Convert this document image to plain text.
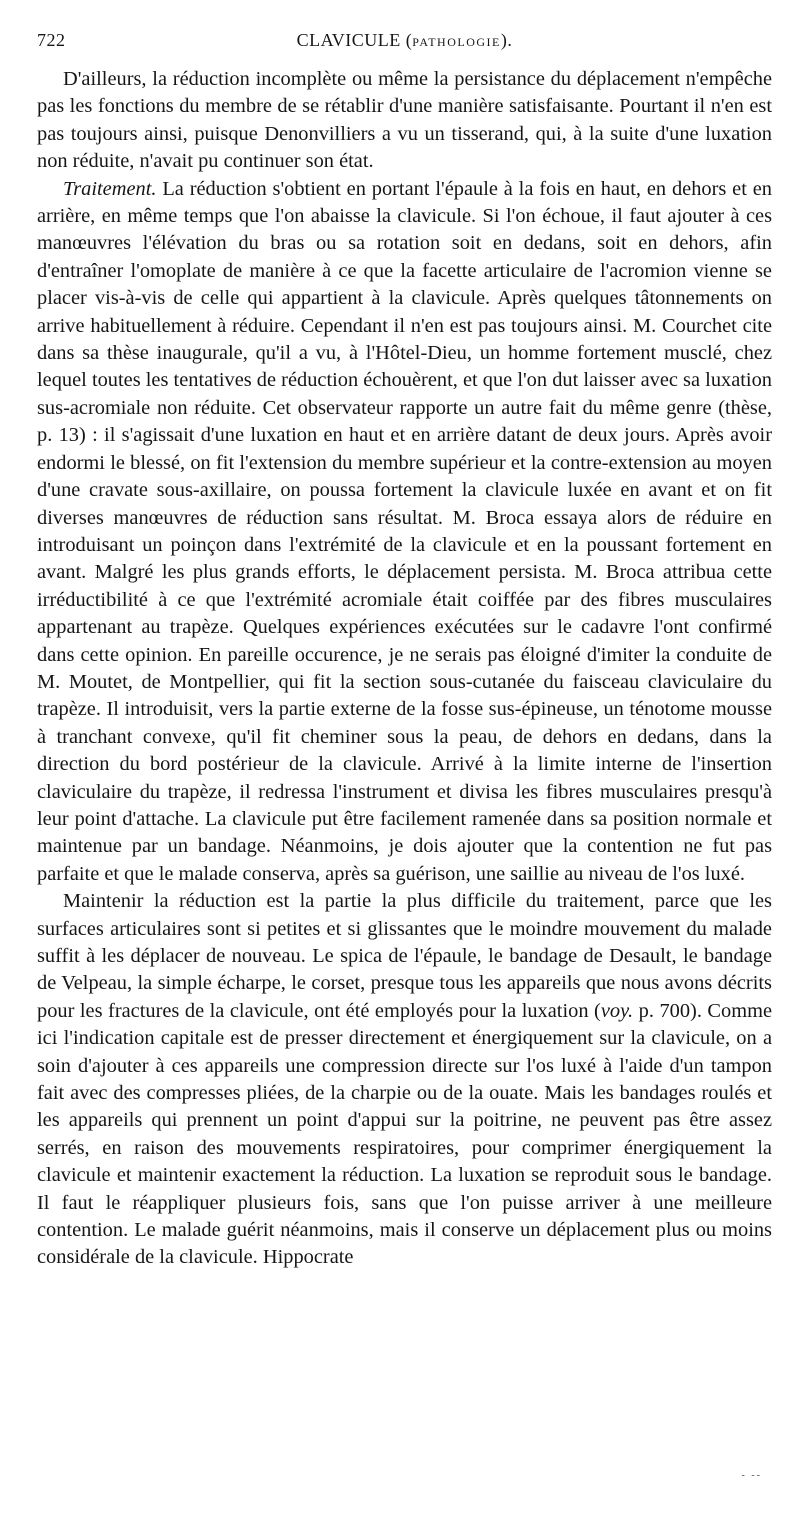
722	CLAVICULE (PATHOLOGIE).

D'ailleurs, la réduction incomplète ou même la persistance du déplacement n'empêche pas les fonctions du membre de se rétablir d'une manière satisfaisante. Pourtant il n'en est pas toujours ainsi, puisque Denonvilliers a vu un tisserand, qui, à la suite d'une luxation non réduite, n'avait pu continuer son état.

Traitement. La réduction s'obtient en portant l'épaule à la fois en haut, en dehors et en arrière, en même temps que l'on abaisse la clavicule. Si l'on échoue, il faut ajouter à ces manœuvres l'élévation du bras ou sa rotation soit en dedans, soit en dehors, afin d'entraîner l'omoplate de manière à ce que la facette articulaire de l'acromion vienne se placer vis-à-vis de celle qui appartient à la clavicule. Après quelques tâtonnements on arrive habituellement à réduire. Cependant il n'en est pas toujours ainsi. M. Courchet cite dans sa thèse inaugurale, qu'il a vu, à l'Hôtel-Dieu, un homme fortement musclé, chez lequel toutes les tentatives de réduction échouèrent, et que l'on dut laisser avec sa luxation sus-acromiale non réduite. Cet observateur rapporte un autre fait du même genre (thèse, p. 13) : il s'agissait d'une luxation en haut et en arrière datant de deux jours. Après avoir endormi le blessé, on fit l'extension du membre supérieur et la contre-extension au moyen d'une cravate sous-axillaire, on poussa fortement la clavicule luxée en avant et on fit diverses manœuvres de réduction sans résultat. M. Broca essaya alors de réduire en introduisant un poinçon dans l'extrémité de la clavicule et en la poussant fortement en avant. Malgré les plus grands efforts, le déplacement persista. M. Broca attribua cette irréductibilité à ce que l'extrémité acromiale était coiffée par des fibres musculaires appartenant au trapèze. Quelques expériences exécutées sur le cadavre l'ont confirmé dans cette opinion. En pareille occurence, je ne serais pas éloigné d'imiter la conduite de M. Moutet, de Montpellier, qui fit la section sous-cutanée du faisceau claviculaire du trapèze. Il introduisit, vers la partie externe de la fosse sus-épineuse, un ténotome mousse à tranchant convexe, qu'il fit cheminer sous la peau, de dehors en dedans, dans la direction du bord postérieur de la clavicule. Arrivé à la limite interne de l'insertion claviculaire du trapèze, il redressa l'instrument et divisa les fibres musculaires presqu'à leur point d'attache. La clavicule put être facilement ramenée dans sa position normale et maintenue par un bandage. Néanmoins, je dois ajouter que la contention ne fut pas parfaite et que le malade conserva, après sa guérison, une saillie au niveau de l'os luxé.

Maintenir la réduction est la partie la plus difficile du traitement, parce que les surfaces articulaires sont si petites et si glissantes que le moindre mouvement du malade suffit à les déplacer de nouveau. Le spica de l'épaule, le bandage de Desault, le bandage de Velpeau, la simple écharpe, le corset, presque tous les appareils que nous avons décrits pour les fractures de la clavicule, ont été employés pour la luxation (voy. p. 700). Comme ici l'indication capitale est de presser directement et énergiquement sur la clavicule, on a soin d'ajouter à ces appareils une compression directe sur l'os luxé à l'aide d'un tampon fait avec des compresses pliées, de la charpie ou de la ouate. Mais les bandages roulés et les appareils qui prennent un point d'appui sur la poitrine, ne peuvent pas être assez serrés, en raison des mouvements respiratoires, pour comprimer énergiquement la clavicule et maintenir exactement la réduction. La luxation se reproduit sous le bandage. Il faut le réappliquer plusieurs fois, sans que l'on puisse arriver à une meilleure contention. Le malade guérit néanmoins, mais il conserve un déplacement plus ou moins considérale de la clavicule. Hippocrate

- --
